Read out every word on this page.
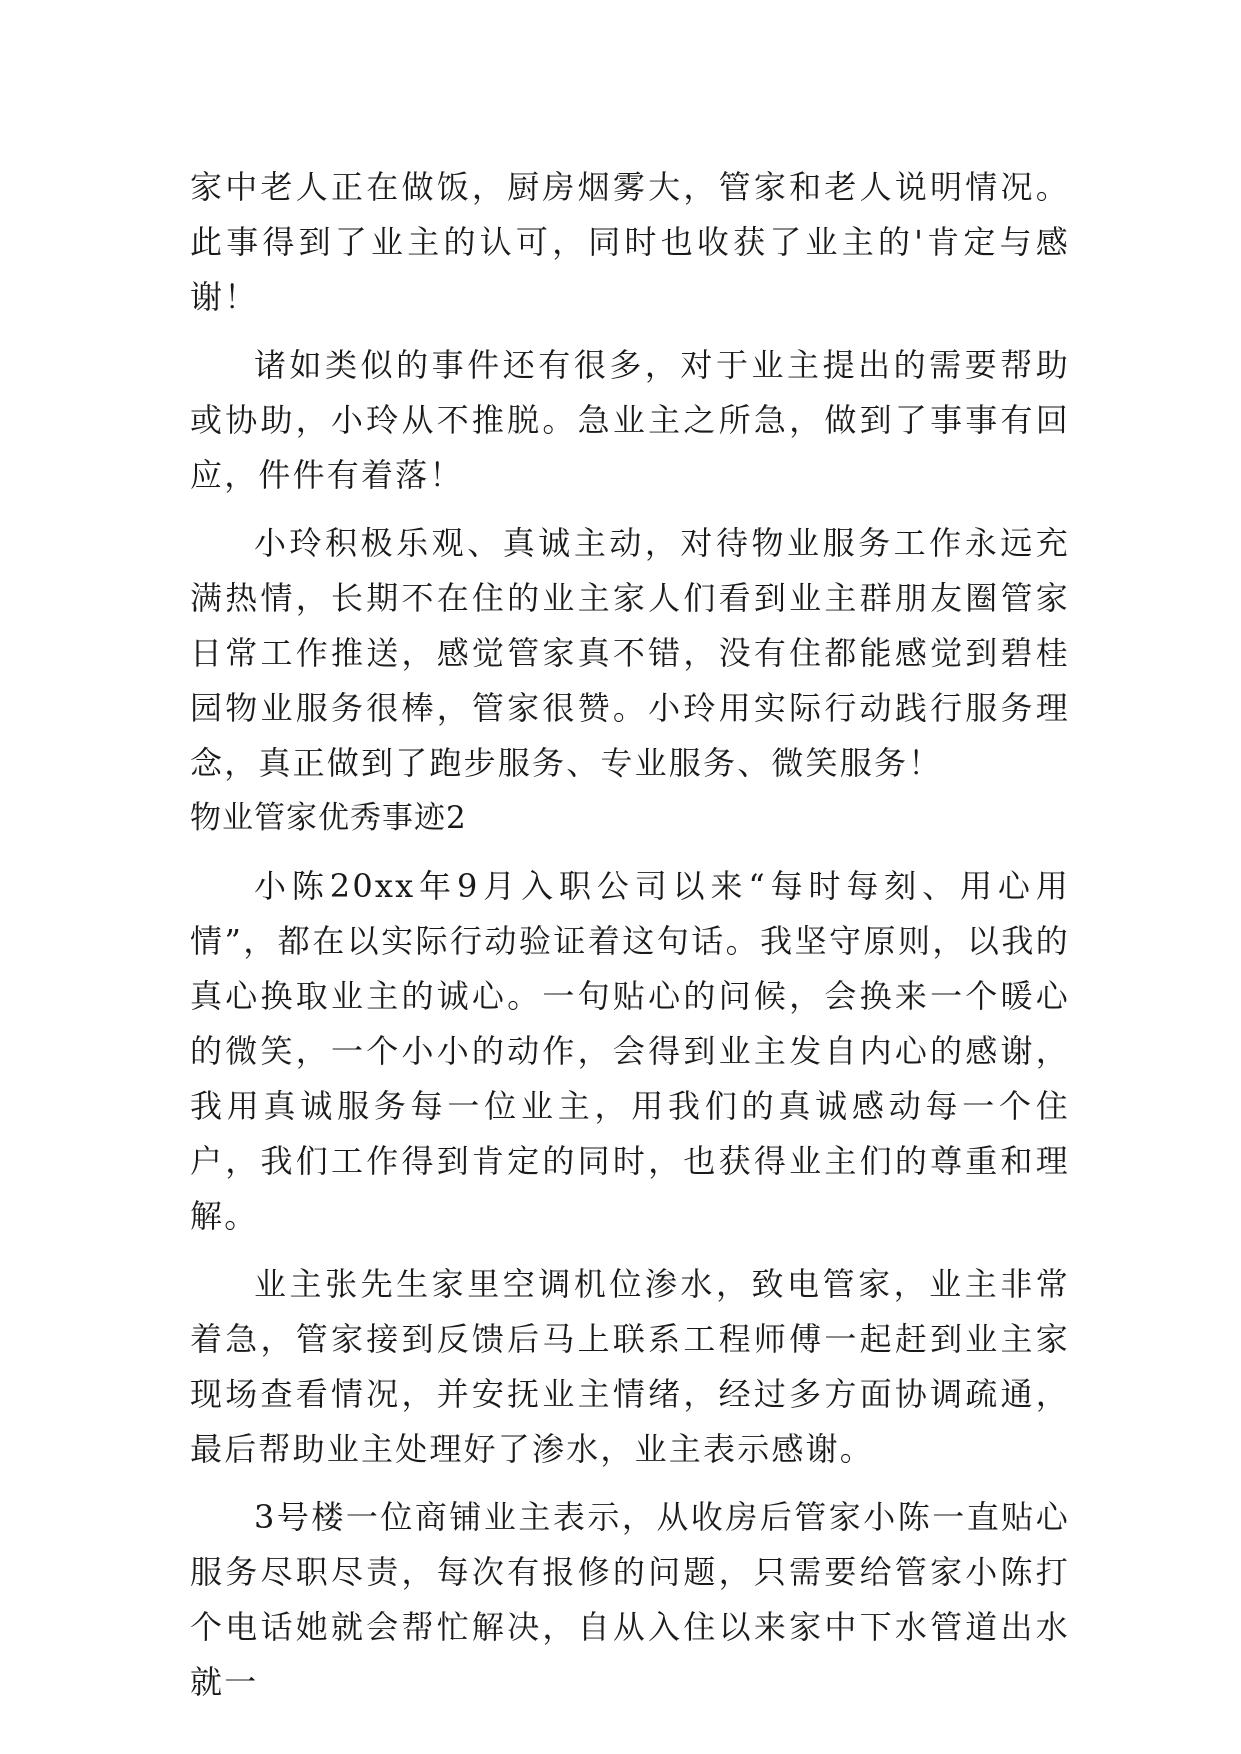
家中老人正在做饭，厨房烟雾大，管家和老人说明情况。此事得到了业主的认可，同时也收获了业主的'肯定与感谢！

诸如类似的事件还有很多，对于业主提出的需要帮助或协助，小玲从不推脱。急业主之所急，做到了事事有回应，件件有着落！

小玲积极乐观、真诚主动，对待物业服务工作永远充满热情，长期不在住的业主家人们看到业主群朋友圈管家日常工作推送，感觉管家真不错，没有住都能感觉到碧桂园物业服务很棒，管家很赞。小玲用实际行动践行服务理念，真正做到了跑步服务、专业服务、微笑服务！

物业管家优秀事迹2

小陈20xx年9月入职公司以来“每时每刻、用心用情”，都在以实际行动验证着这句话。我坚守原则，以我的真心换取业主的诚心。一句贴心的问候，会换来一个暖心的微笑，一个小小的动作，会得到业主发自内心的感谢，我用真诚服务每一位业主，用我们的真诚感动每一个住户，我们工作得到肯定的同时，也获得业主们的尊重和理解。

业主张先生家里空调机位渗水，致电管家，业主非常着急，管家接到反馈后马上联系工程师傅一起赶到业主家现场查看情况，并安抚业主情绪，经过多方面协调疏通，最后帮助业主处理好了渗水，业主表示感谢。

3号楼一位商铺业主表示，从收房后管家小陈一直贴心服务尽职尽责，每次有报修的问题，只需要给管家小陈打个电话她就会帮忙解决，自从入住以来家中下水管道出水就一
